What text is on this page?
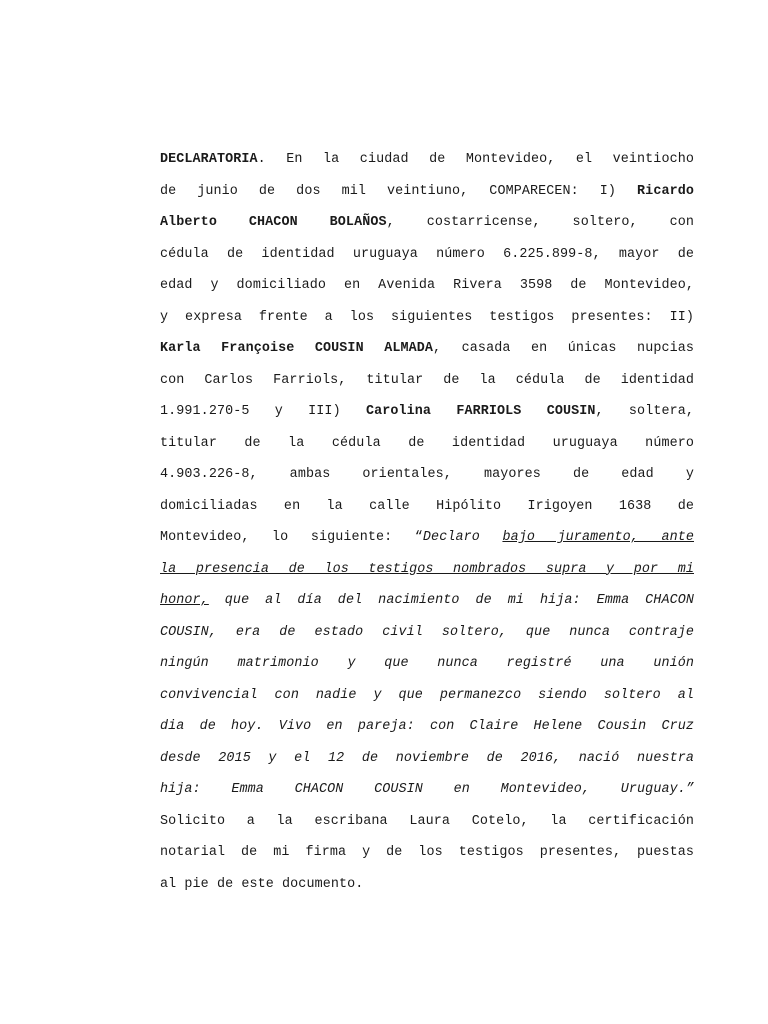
DECLARATORIA. En la ciudad de Montevideo, el veintiocho
de junio de dos mil veintiuno, COMPARECEN: I) Ricardo
Alberto CHACON BOLAÑOS, costarricense, soltero, con
cédula de identidad uruguaya número 6.225.899-8, mayor de
edad y domiciliado en Avenida Rivera 3598 de Montevideo,
y expresa frente a los siguientes testigos presentes: II)
Karla Françoise COUSIN ALMADA, casada en únicas nupcias
con Carlos Farriols, titular de la cédula de identidad
1.991.270-5 y III) Carolina FARRIOLS COUSIN, soltera,
titular de la cédula de identidad uruguaya número
4.903.226-8, ambas orientales, mayores de edad y
domiciliadas en la calle Hipólito Irigoyen 1638 de
Montevideo, lo siguiente: “Declaro bajo juramento, ante
la presencia de los testigos nombrados supra y por mi
honor, que al día del nacimiento de mi hija: Emma CHACON
COUSIN, era de estado civil soltero, que nunca contraje
ningún matrimonio y que nunca registré una unión
convivencial con nadie y que permanezco siendo soltero al
dia de hoy. Vivo en pareja: con Claire Helene Cousin Cruz
desde 2015 y el 12 de noviembre de 2016, nació nuestra
hija: Emma CHACON COUSIN en Montevideo, Uruguay.”
Solicito a la escribana Laura Cotelo, la certificación
notarial de mi firma y de los testigos presentes, puestas
al pie de este documento.
